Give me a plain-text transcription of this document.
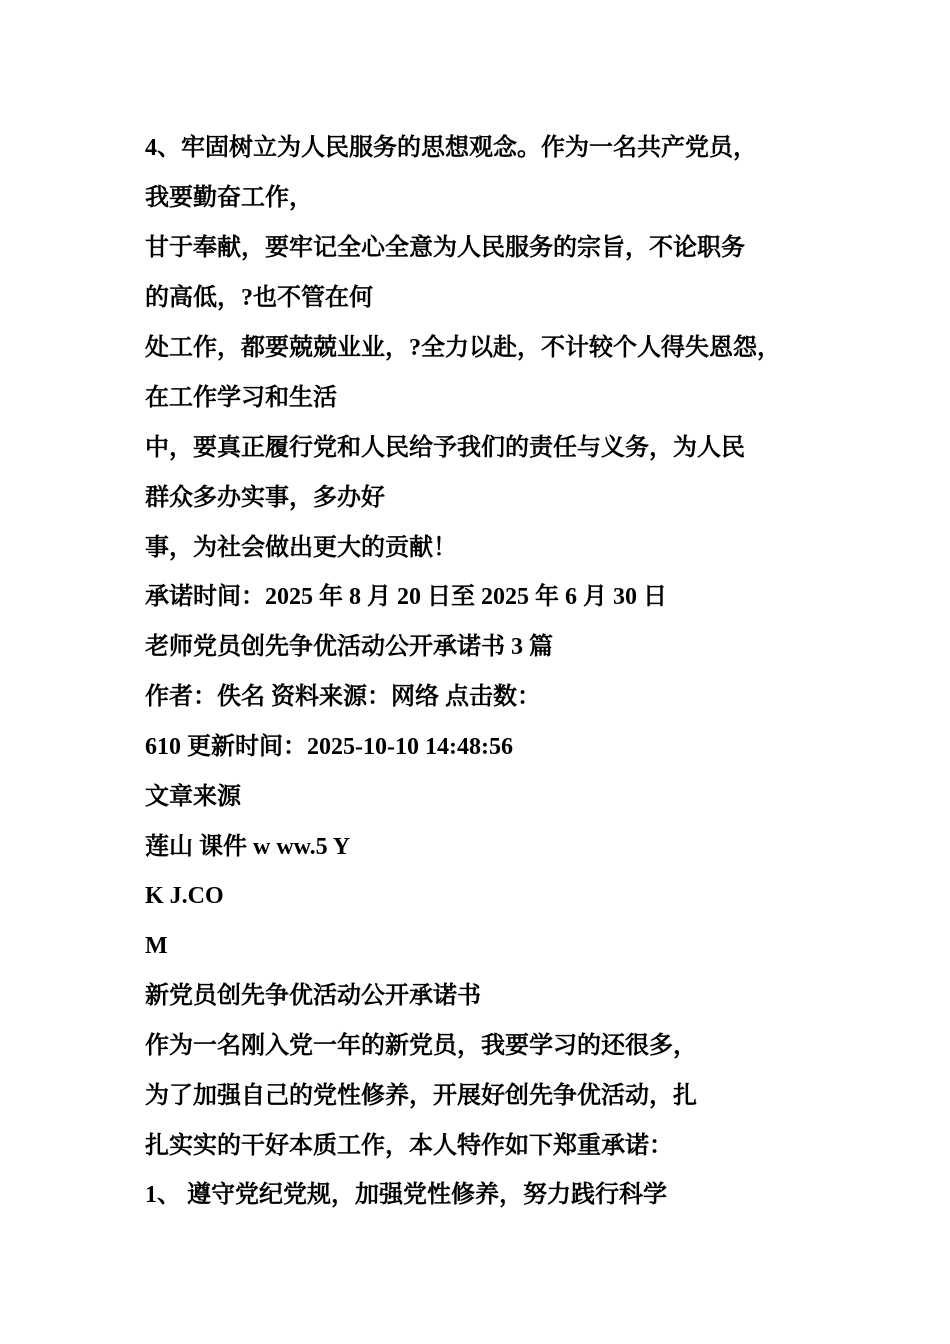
4、牢固树立为人民服务的思想观念。作为一名共产党员，
我要勤奋工作，
甘于奉献，要牢记全心全意为人民服务的宗旨，不论职务
的高低，?也不管在何
处工作，都要兢兢业业，?全力以赴，不计较个人得失恩怨，
在工作学习和生活
中，要真正履行党和人民给予我们的责任与义务，为人民
群众多办实事，多办好
事，为社会做出更大的贡献！
承诺时间：2025 年 8 月 20 日至 2025 年 6 月 30 日
老师党员创先争优活动公开承诺书 3 篇
作者：佚名 资料来源：网络 点击数：
610 更新时间：2025-10-10 14:48:56
文章来源
莲山 课件 w ww.5 Y
K J.CO
M
新党员创先争优活动公开承诺书
作为一名刚入党一年的新党员，我要学习的还很多，
为了加强自己的党性修养，开展好创先争优活动，扎
扎实实的干好本质工作，本人特作如下郑重承诺：
1、 遵守党纪党规，加强党性修养，努力践行科学
